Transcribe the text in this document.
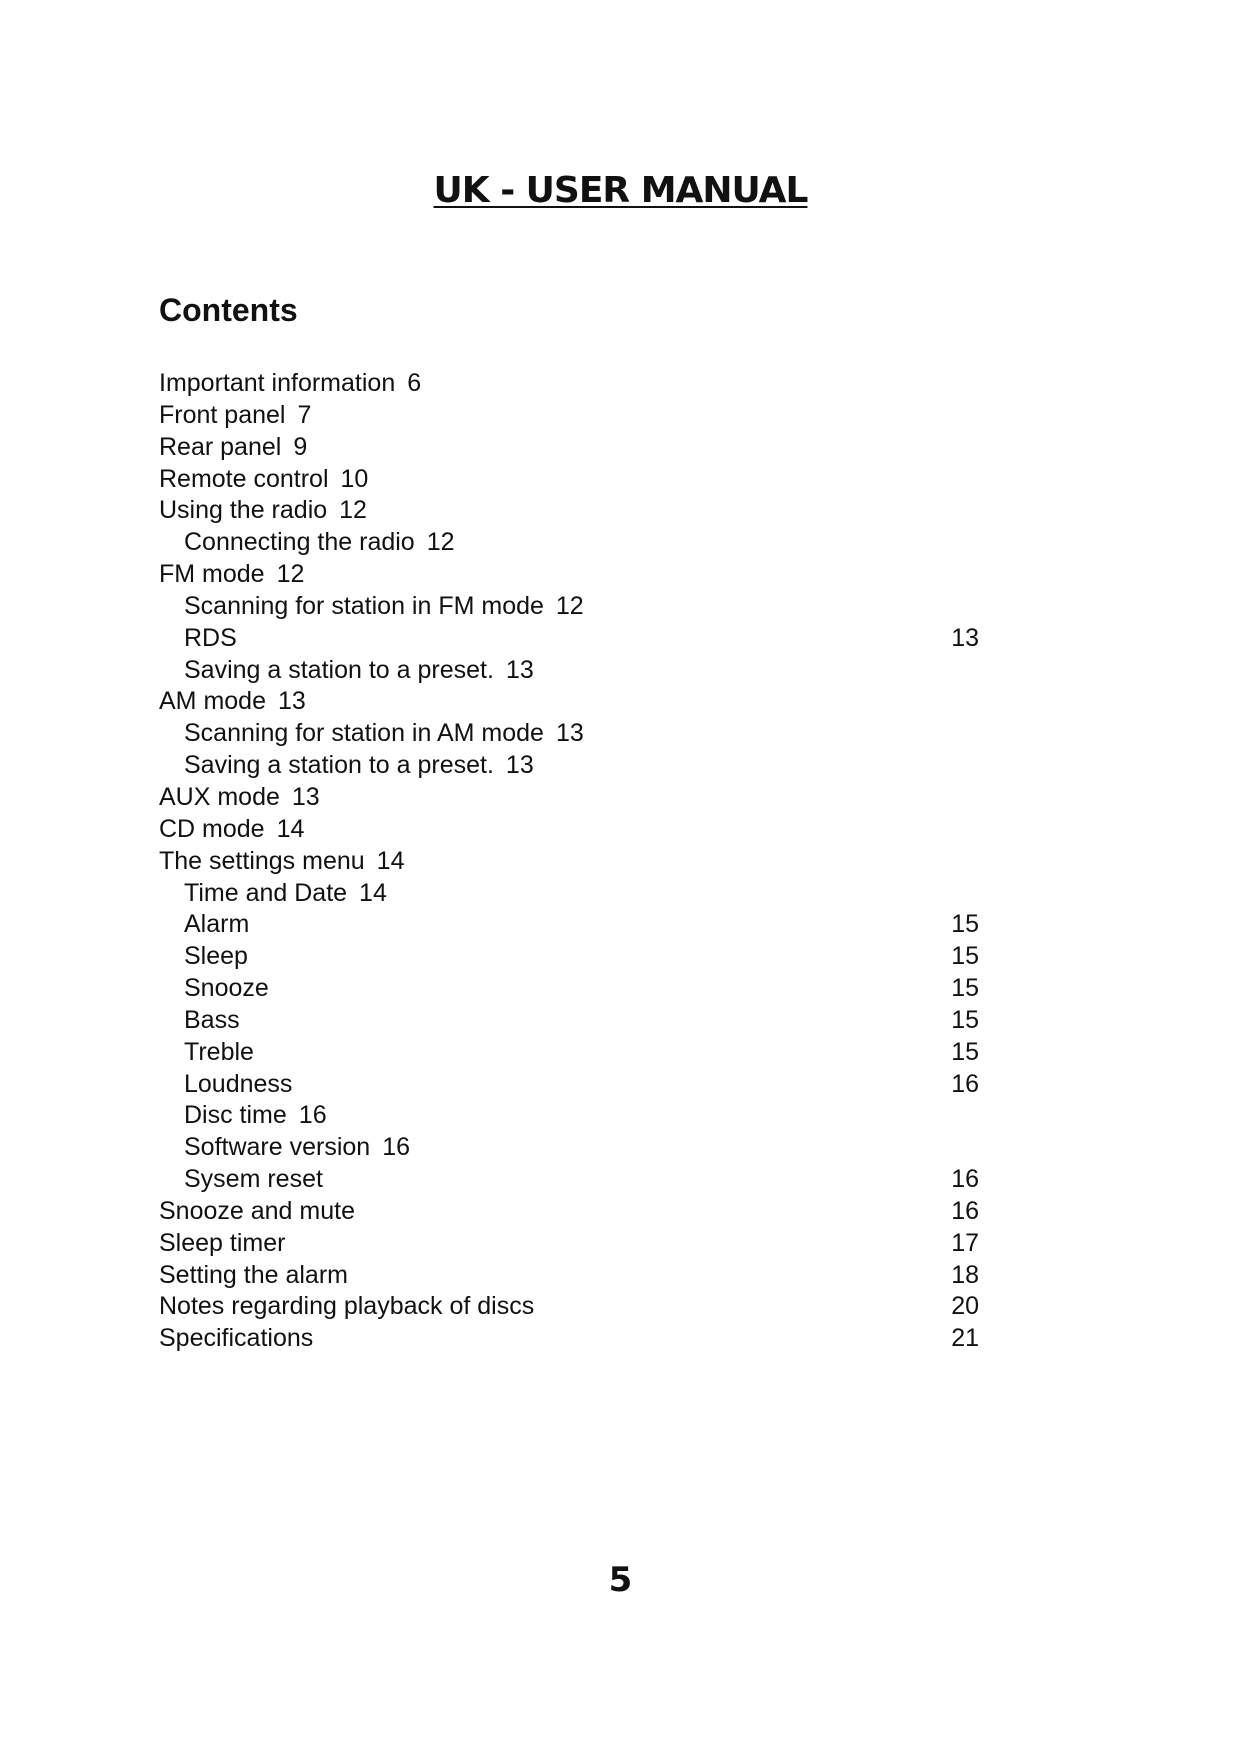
UK - USER MANUAL
Contents
Important information 6
Front panel 7
Rear panel 9
Remote control 10
Using the radio 12
Connecting the radio 12
FM mode 12
Scanning for station in FM mode 12
RDS	13
Saving a station to a preset. 13
AM mode 13
Scanning for station in AM mode 13
Saving a station to a preset. 13
AUX mode 13
CD mode 14
The settings menu 14
Time and Date 14
Alarm	15
Sleep	15
Snooze	15
Bass	15
Treble	15
Loudness	16
Disc time 16
Software version 16
Sysem reset	16
Snooze and mute	16
Sleep timer	17
Setting the alarm	18
Notes regarding playback of discs	20
Specifications	21
5
